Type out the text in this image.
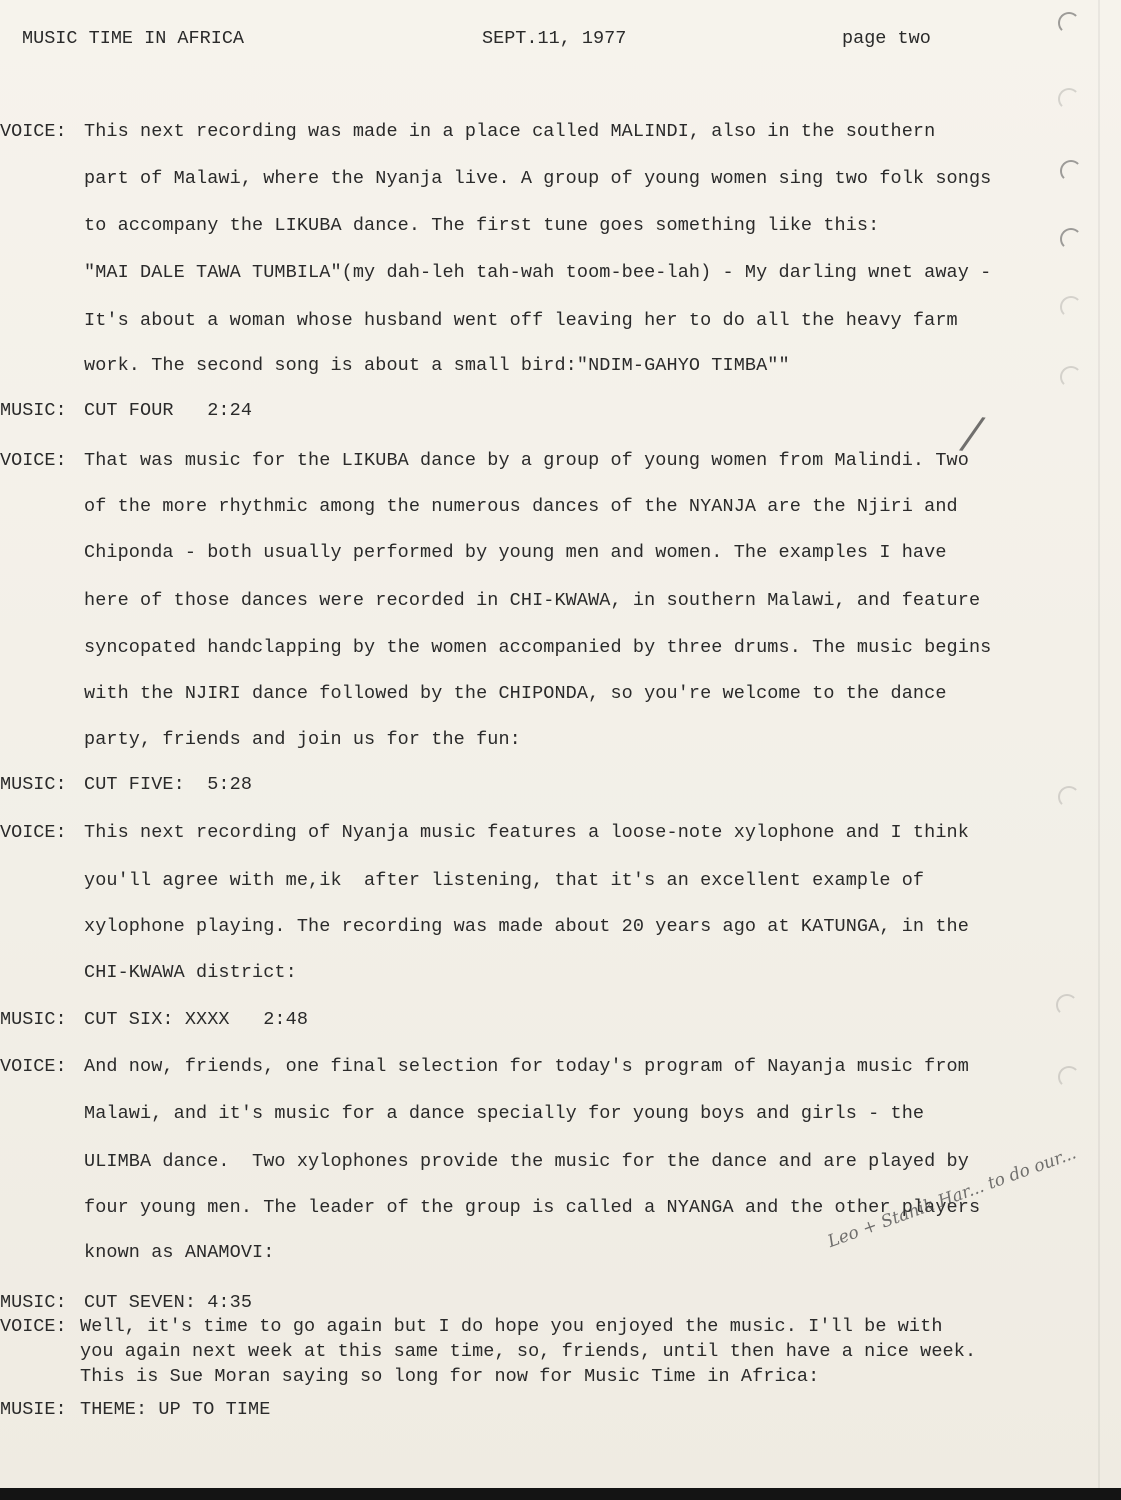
MUSIC TIME IN AFRICA	SEPT.11, 1977	page two
VOICE: This next recording was made in a place called MALINDI, also in the southern
part of Malawi, where the Nyanja live. A group of young women sing two folk songs
to accompany the LIKUBA dance. The first tune goes something like this:
"MAI DALE TAWA TUMBILA"(my dah-leh tah-wah toom-bee-lah) - My darling wnet away -
It's about a woman whose husband went off leaving her to do all the heavy farm
work. The second song is about a small bird:"NDIM-GAHYO TIMBA""
MUSIC: CUT FOUR   2:24
VOICE: That was music for the LIKUBA dance by a group of young women from Malindi. Two
of the more rhythmic among the numerous dances of the NYANJA are the Njiri and
Chiponda - both usually performed by young men and women. The examples I have
here of those dances were recorded in CHI-KWAWA, in southern Malawi, and feature
syncopated handclapping by the women accompanied by three drums. The music begins
with the NJIRI dance followed by the CHIPONDA, so you're welcome to the dance
party, friends and join us for the fun:
MUSIC: CUT FIVE:  5:28
VOICE: This next recording of Nyanja music features a loose-note xylophone and I think
you'll agree with me,ik  after listening, that it's an excellent example of
xylophone playing. The recording was made about 20 years ago at KATUNGA, in the
CHI-KWAWA district:
MUSIC: CUT SIX: XXXX   2:48
VOICE: And now, friends, one final selection for today's program of Nayanja music from
Malawi, and it's music for a dance specially for young boys and girls - the
ULIMBA dance.  Two xylophones provide the music for the dance and are played by
four young men. The leader of the group is called a NYANGA and the other players
known as ANAMOVI:
MUSIC: CUT SEVEN: 4:35
VOICE: Well, it's time to go again but I do hope you enjoyed the music. I'll be with
you again next week at this same time, so, friends, until then have a nice week.
This is Sue Moran saying so long for now for Music Time in Africa:
MUSIE: THEME: UP TO TIME
Leo + Stanik Har... to do our...
/
